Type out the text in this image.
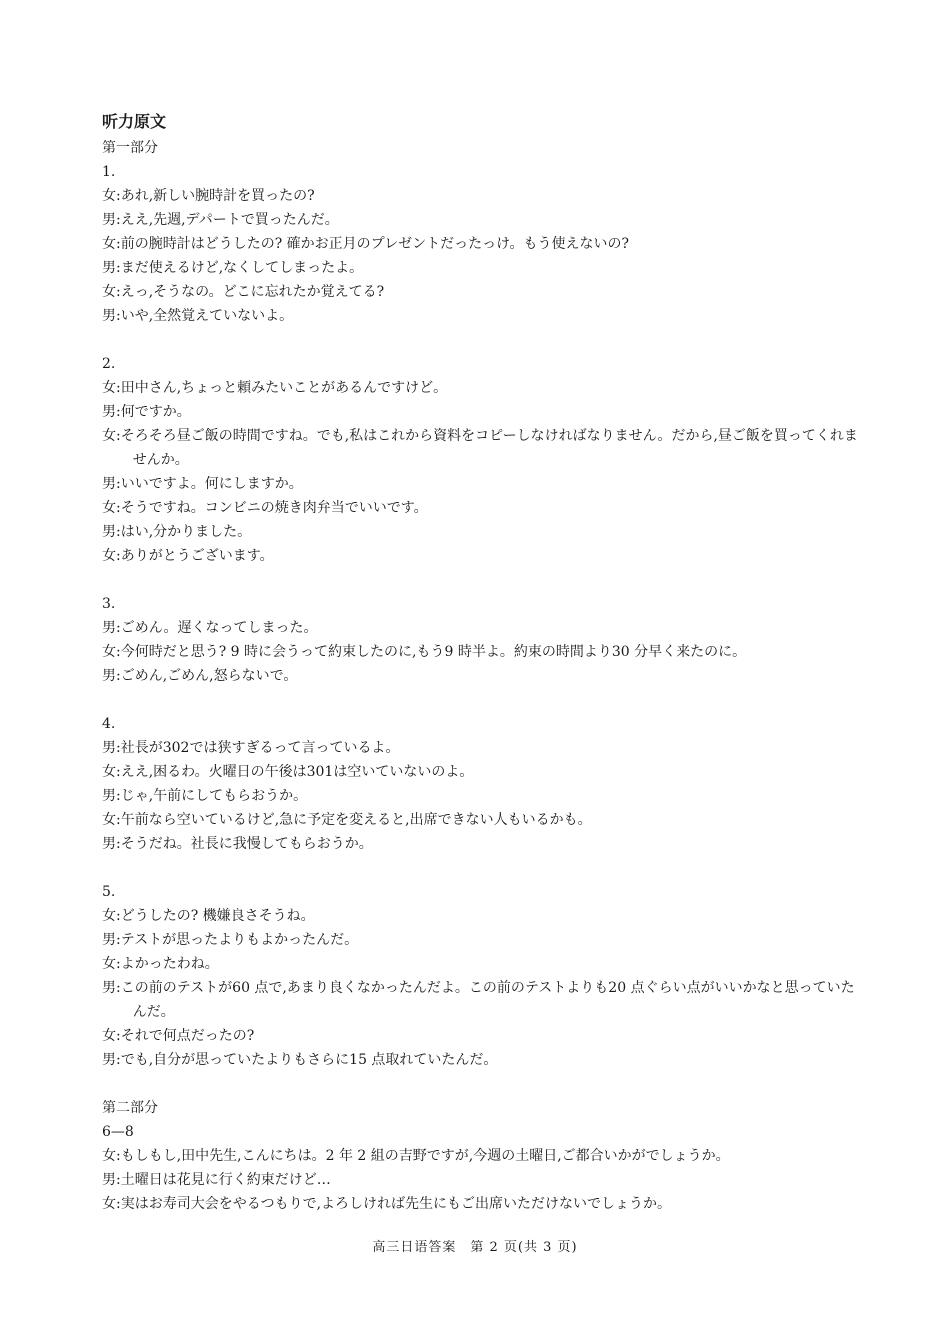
听力原文
第一部分
1.
女:あれ,新しい腕時計を買ったの?
男:ええ,先週,デパートで買ったんだ。
女:前の腕時計はどうしたの? 確かお正月のプレゼントだったっけ。もう使えないの?
男:まだ使えるけど,なくしてしまったよ。
女:えっ,そうなの。どこに忘れたか覚えてる?
男:いや,全然覚えていないよ。
2.
女:田中さん,ちょっと頼みたいことがあるんですけど。
男:何ですか。
女:そろそろ昼ご飯の時間ですね。でも,私はこれから資料をコピーしなければなりません。だから,昼ご飯を買ってくれませんか。
男:いいですよ。何にしますか。
女:そうですね。コンビニの焼き肉弁当でいいです。
男:はい,分かりました。
女:ありがとうございます。
3.
男:ごめん。遅くなってしまった。
女:今何時だと思う? 9 時に会うって約束したのに,もう9 時半よ。約束の時間より30 分早く来たのに。
男:ごめん,ごめん,怒らないで。
4.
男:社長が302では狭すぎるって言っているよ。
女:ええ,困るわ。火曜日の午後は301は空いていないのよ。
男:じゃ,午前にしてもらおうか。
女:午前なら空いているけど,急に予定を変えると,出席できない人もいるかも。
男:そうだね。社長に我慢してもらおうか。
5.
女:どうしたの? 機嫌良さそうね。
男:テストが思ったよりもよかったんだ。
女:よかったわね。
男:この前のテストが60 点で,あまり良くなかったんだよ。この前のテストよりも20 点ぐらい点がいいかなと思っていたんだ。
女:それで何点だったの?
男:でも,自分が思っていたよりもさらに15 点取れていたんだ。
第二部分
6—8
女:もしもし,田中先生,こんにちは。2 年 2 組の吉野ですが,今週の土曜日,ご都合いかがでしょうか。
男:土曜日は花見に行く約束だけど…
女:実はお寿司大会をやるつもりで,よろしければ先生にもご出席いただけないでしょうか。
高三日语答案　第 2 页(共 3 页)
